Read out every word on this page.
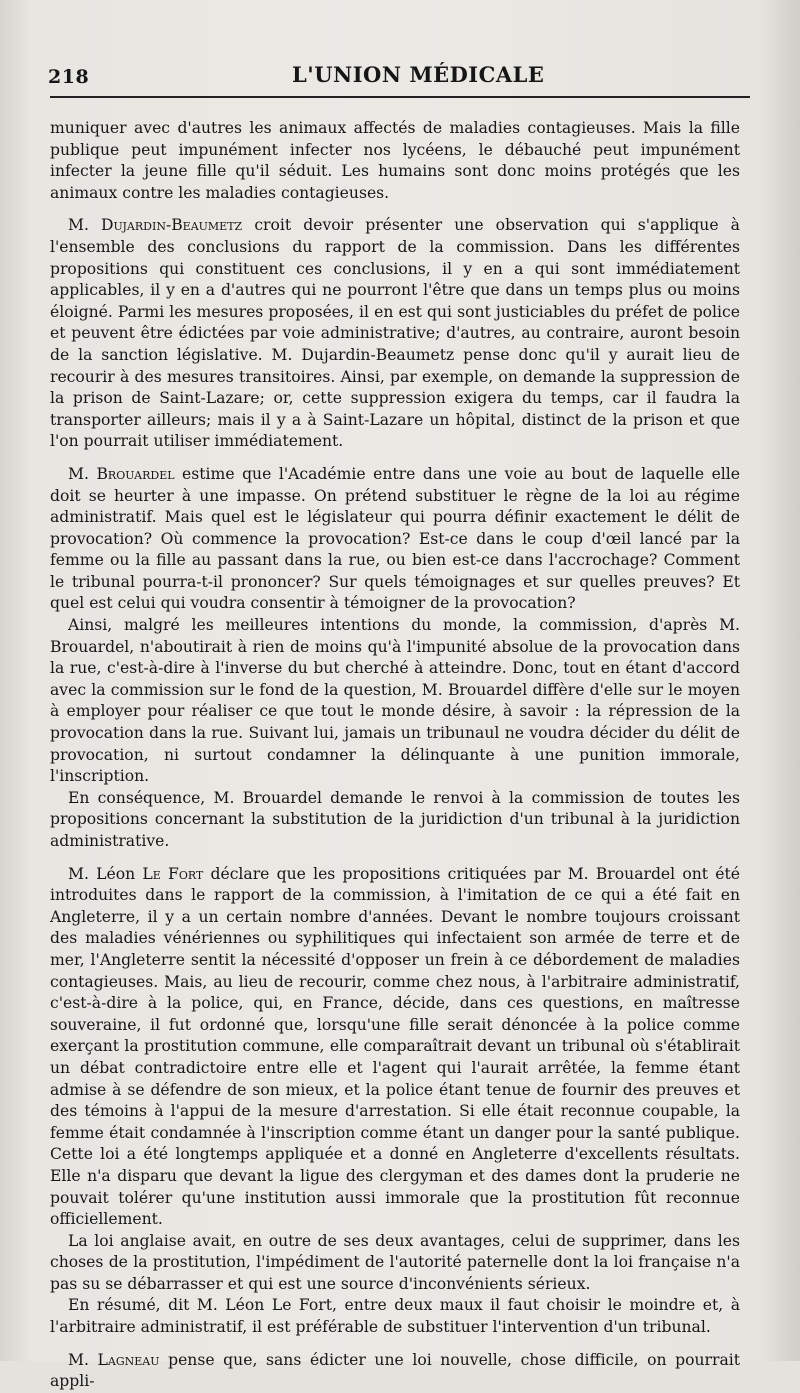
218	L'UNION MÉDICALE

muniquer avec d'autres les animaux affectés de maladies contagieuses. Mais la fille publique peut impunément infecter nos lycéens, le débauché peut impunément infecter la jeune fille qu'il séduit. Les humains sont donc moins protégés que les animaux contre les maladies contagieuses.

M. Dujardin-Beaumetz croit devoir présenter une observation qui s'applique à l'ensemble des conclusions du rapport de la commission. Dans les différentes propositions qui constituent ces conclusions, il y en a qui sont immédiatement applicables, il y en a d'autres qui ne pourront l'être que dans un temps plus ou moins éloigné. Parmi les mesures proposées, il en est qui sont justiciables du préfet de police et peuvent être édictées par voie administrative; d'autres, au contraire, auront besoin de la sanction législative. M. Dujardin-Beaumetz pense donc qu'il y aurait lieu de recourir à des mesures transitoires. Ainsi, par exemple, on demande la suppression de la prison de Saint-Lazare; or, cette suppression exigera du temps, car il faudra la transporter ailleurs; mais il y a à Saint-Lazare un hôpital, distinct de la prison et que l'on pourrait utiliser immédiatement.

M. Brouardel estime que l'Académie entre dans une voie au bout de laquelle elle doit se heurter à une impasse. On prétend substituer le règne de la loi au régime administratif. Mais quel est le législateur qui pourra définir exactement le délit de provocation? Où commence la provocation? Est-ce dans le coup d'œil lancé par la femme ou la fille au passant dans la rue, ou bien est-ce dans l'accrochage? Comment le tribunal pourra-t-il prononcer? Sur quels témoignages et sur quelles preuves? Et quel est celui qui voudra consentir à témoigner de la provocation?

Ainsi, malgré les meilleures intentions du monde, la commission, d'après M. Brouardel, n'aboutirait à rien de moins qu'à l'impunité absolue de la provocation dans la rue, c'est-à-dire à l'inverse du but cherché à atteindre. Donc, tout en étant d'accord avec la commission sur le fond de la question, M. Brouardel diffère d'elle sur le moyen à employer pour réaliser ce que tout le monde désire, à savoir : la répression de la provocation dans la rue. Suivant lui, jamais un tribunaul ne voudra décider du délit de provocation, ni surtout condamner la délinquante à une punition immorale, l'inscription.

En conséquence, M. Brouardel demande le renvoi à la commission de toutes les propositions concernant la substitution de la juridiction d'un tribunal à la juridiction administrative.

M. Léon Le Fort déclare que les propositions critiquées par M. Brouardel ont été introduites dans le rapport de la commission, à l'imitation de ce qui a été fait en Angleterre, il y a un certain nombre d'années. Devant le nombre toujours croissant des maladies vénériennes ou syphilitiques qui infectaient son armée de terre et de mer, l'Angleterre sentit la nécessité d'opposer un frein à ce débordement de maladies contagieuses. Mais, au lieu de recourir, comme chez nous, à l'arbitraire administratif, c'est-à-dire à la police, qui, en France, décide, dans ces questions, en maîtresse souveraine, il fut ordonné que, lorsqu'une fille serait dénoncée à la police comme exerçant la prostitution commune, elle comparaîtrait devant un tribunal où s'établirait un débat contradictoire entre elle et l'agent qui l'aurait arrêtée, la femme étant admise à se défendre de son mieux, et la police étant tenue de fournir des preuves et des témoins à l'appui de la mesure d'arrestation. Si elle était reconnue coupable, la femme était condamnée à l'inscription comme étant un danger pour la santé publique. Cette loi a été longtemps appliquée et a donné en Angleterre d'excellents résultats. Elle n'a disparu que devant la ligue des clergyman et des dames dont la pruderie ne pouvait tolérer qu'une institution aussi immorale que la prostitution fût reconnue officiellement.

La loi anglaise avait, en outre de ses deux avantages, celui de supprimer, dans les choses de la prostitution, l'impédiment de l'autorité paternelle dont la loi française n'a pas su se débarrasser et qui est une source d'inconvénients sérieux.

En résumé, dit M. Léon Le Fort, entre deux maux il faut choisir le moindre et, à l'arbitraire administratif, il est préférable de substituer l'intervention d'un tribunal.

M. Lagneau pense que, sans édicter une loi nouvelle, chose difficile, on pourrait appli-
